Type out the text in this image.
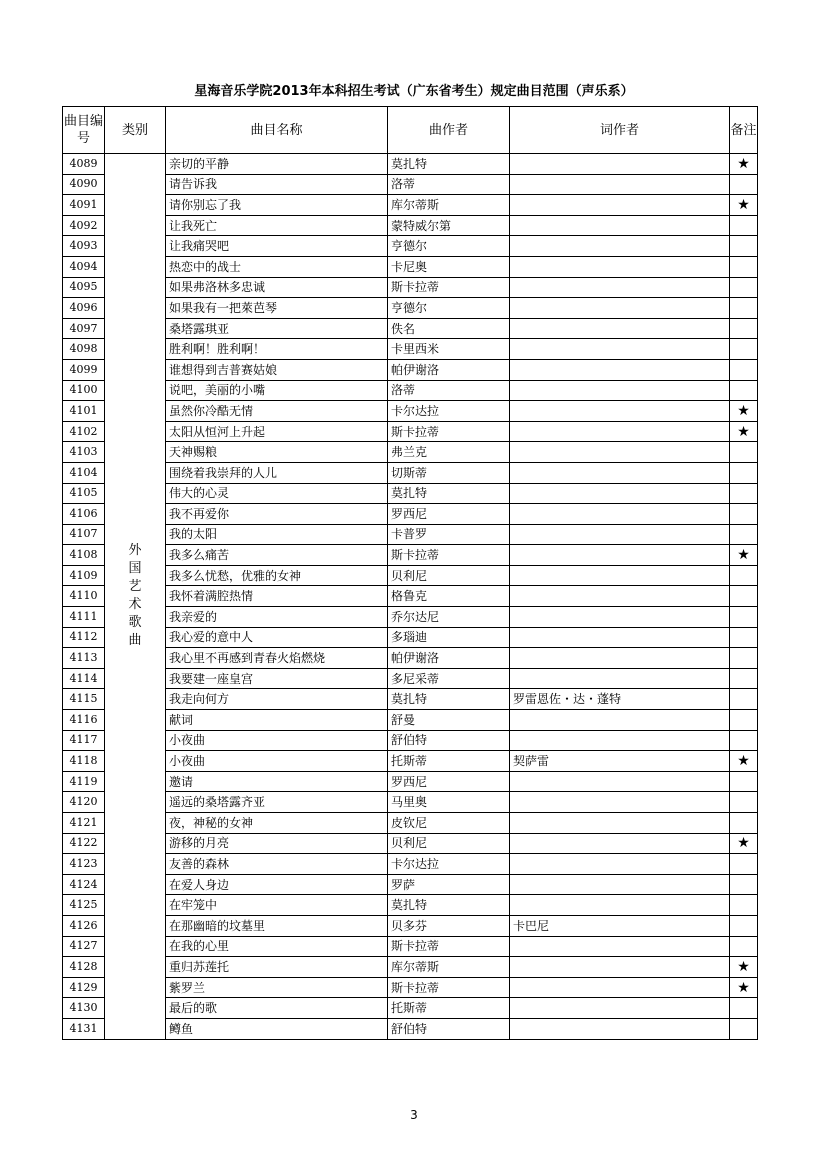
星海音乐学院2013年本科招生考试（广东省考生）规定曲目范围（声乐系）
曲目编号	类别	曲目名称	曲作者	词作者	备注
4089	外国艺术歌曲	亲切的平静	莫扎特		★
4090		请告诉我	洛蒂		
4091		请你别忘了我	库尔蒂斯		★
4092		让我死亡	蒙特威尔第		
4093		让我痛哭吧	亨德尔		
4094		热恋中的战士	卡尼奥		
4095		如果弗洛林多忠诚	斯卡拉蒂		
4096		如果我有一把萊芭琴	亨德尔		
4097		桑塔露琪亚	佚名		
4098		胜利啊！胜利啊！	卡里西米		
4099		谁想得到吉普赛姑娘	帕伊谢洛		
4100		说吧，美丽的小嘴	洛蒂		
4101		虽然你冷酷无情	卡尔达拉		★
4102		太阳从恒河上升起	斯卡拉蒂		★
4103		天神赐粮	弗兰克		
4104		围绕着我崇拜的人儿	切斯蒂		
4105		伟大的心灵	莫扎特		
4106		我不再爱你	罗西尼		
4107		我的太阳	卡普罗		
4108		我多么痛苦	斯卡拉蒂		★
4109		我多么忧愁，优雅的女神	贝利尼		
4110		我怀着满腔热情	格鲁克		
4111		我亲爱的	乔尔达尼		
4112		我心爱的意中人	多瑙迪		
4113		我心里不再感到青春火焰燃烧	帕伊谢洛		
4114		我要建一座皇宫	多尼采蒂		
4115		我走向何方	莫扎特	罗雷恩佐・达・蓬特	
4116		献词	舒曼		
4117		小夜曲	舒伯特		
4118		小夜曲	托斯蒂	契萨雷	★
4119		邀请	罗西尼		
4120		遥远的桑塔露齐亚	马里奥		
4121		夜，神秘的女神	皮钦尼		
4122		游移的月亮	贝利尼		★
4123		友善的森林	卡尔达拉		
4124		在爱人身边	罗萨		
4125		在牢笼中	莫扎特		
4126		在那幽暗的坟墓里	贝多芬	卡巴尼	
4127		在我的心里	斯卡拉蒂		
4128		重归苏莲托	库尔蒂斯		★
4129		紫罗兰	斯卡拉蒂		★
4130		最后的歌	托斯蒂		
4131		鳟鱼	舒伯特		
3
